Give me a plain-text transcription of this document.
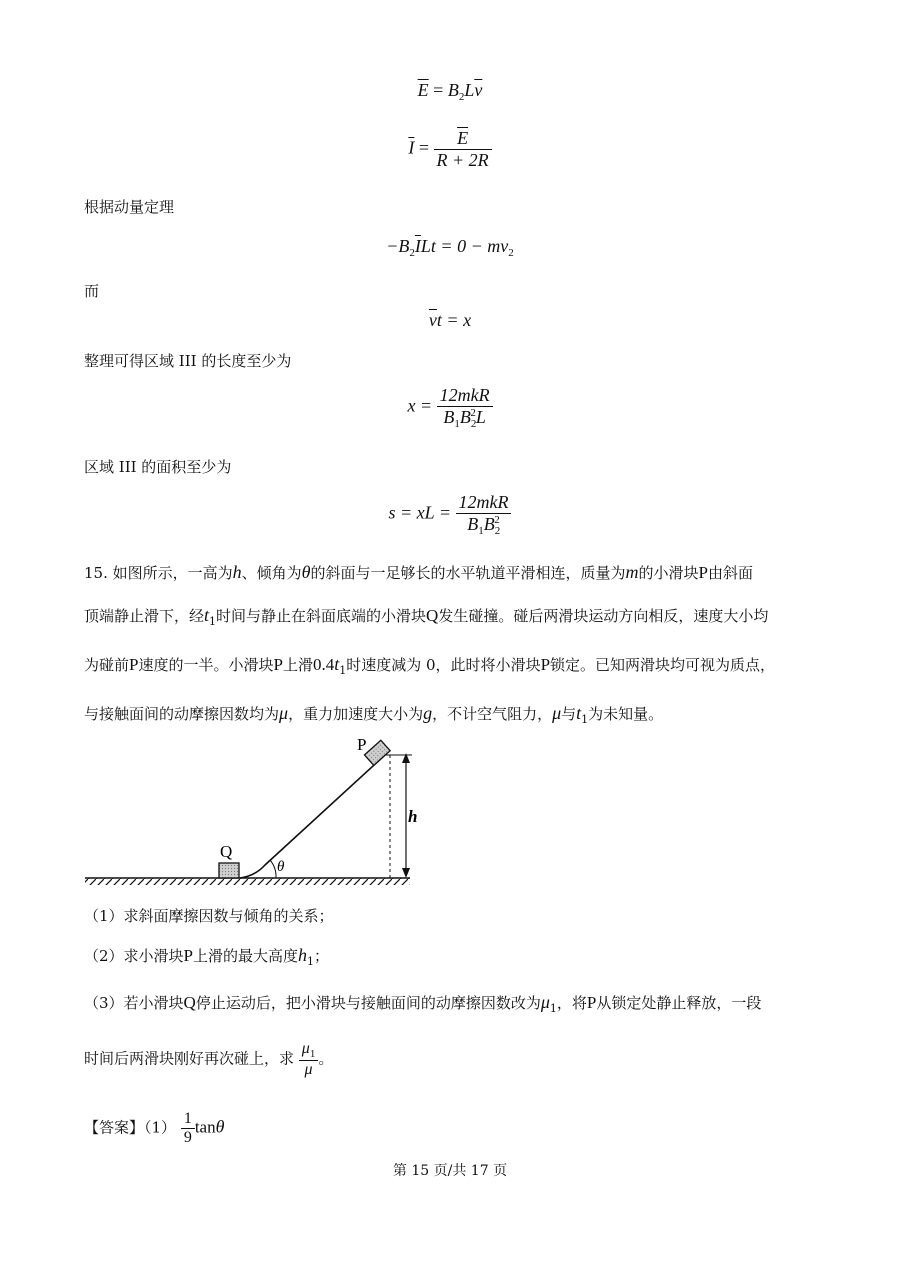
$\overline{E} = B_2L\overline{v}$
$\overline{I} = \frac{\overline{E}}{R + 2R}$
根据动量定理
$-B_2\overline{I}Lt = 0 - mv_2$
而
$\overline{v}t = x$
整理可得区域 III 的长度至少为
$x = \frac{\text{12mkR}}{B_1B_2^2L}$
区域 III 的面积至少为
s = xL = $\frac{\text{12mkR}}{B_1B_2^2}$
15. 如图所示，一高为h、倾角为θ的斜面与一足够长的水平轨道平滑相连，质量为m的小滑块P由斜面
顶端静止滑下，经$t_1$时间与静止在斜面底端的小滑块Q发生碰撞。碰后两滑块运动方向相反，速度大小均
为碰前P速度的一半。小滑块P上滑$0.4t_1$时速度减为 0，此时将小滑块P锁定。已知两滑块均可视为质点，
与接触面间的动摩擦因数均为μ，重力加速度大小为g，不计空气阻力，μ与$t_1$为未知量。
h
θ
P
Q
（1）求斜面摩擦因数与倾角的关系；
（2）求小滑块P上滑的最大高度$h_1$；
（3）若小滑块Q停止运动后，把小滑块与接触面间的动摩擦因数改为$\mu_1$，将P从锁定处静止释放，一段
时间后两滑块刚好再次碰上，求 $\frac{\mu_1}{\mu}$ 。
【答案】$(1) \frac{1}{9}$ tanθ
第 15 页/共 17 页
